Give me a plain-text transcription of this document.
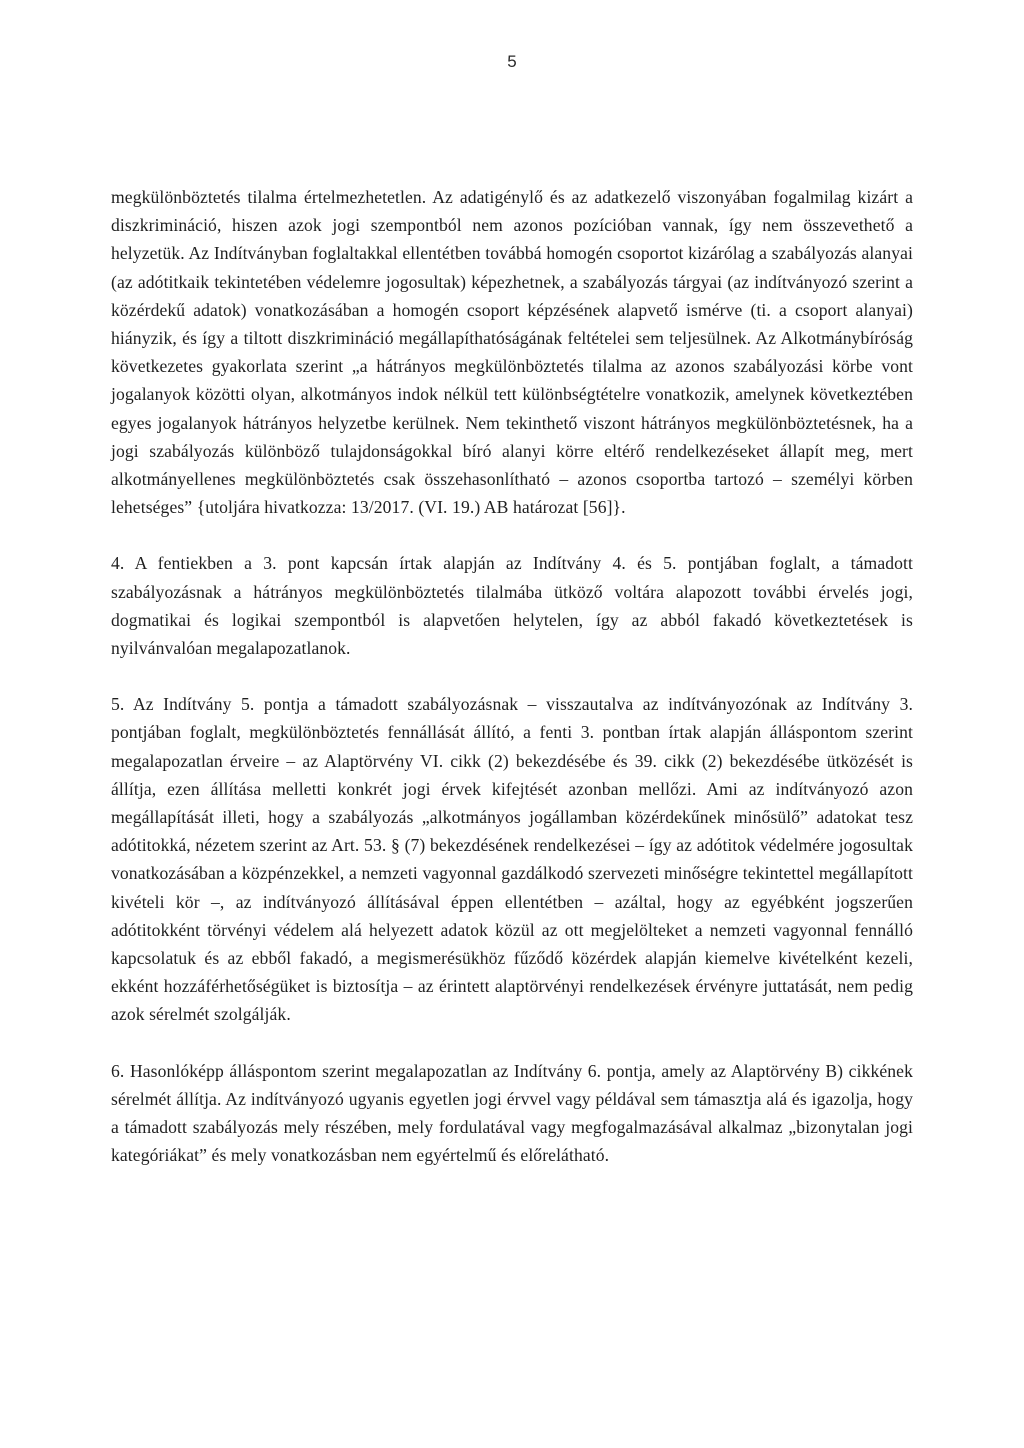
5

megkülönböztetés tilalma értelmezhetetlen. Az adatigénylő és az adatkezelő viszonyában fogalmilag kizárt a diszkrimináció, hiszen azok jogi szempontból nem azonos pozícióban vannak, így nem összevethető a helyzetük. Az Indítványban foglaltakkal ellentétben továbbá homogén csoportot kizárólag a szabályozás alanyai (az adótitkaik tekintetében védelemre jogosultak) képezhetnek, a szabályozás tárgyai (az indítványozó szerint a közérdekű adatok) vonatkozásában a homogén csoport képzésének alapvető ismérve (ti. a csoport alanyai) hiányzik, és így a tiltott diszkrimináció megállapíthatóságának feltételei sem teljesülnek. Az Alkotmánybíróság következetes gyakorlata szerint „a hátrányos megkülönböztetés tilalma az azonos szabályozási körbe vont jogalanyok közötti olyan, alkotmányos indok nélkül tett különbségtételre vonatkozik, amelynek következtében egyes jogalanyok hátrányos helyzetbe kerülnek. Nem tekinthető viszont hátrányos megkülönböztetésnek, ha a jogi szabályozás különböző tulajdonságokkal bíró alanyi körre eltérő rendelkezéseket állapít meg, mert alkotmányellenes megkülönböztetés csak összehasonlítható – azonos csoportba tartozó – személyi körben lehetséges” {utoljára hivatkozza: 13/2017. (VI. 19.) AB határozat [56]}.

4. A fentiekben a 3. pont kapcsán írtak alapján az Indítvány 4. és 5. pontjában foglalt, a támadott szabályozásnak a hátrányos megkülönböztetés tilalmába ütköző voltára alapozott további érvelés jogi, dogmatikai és logikai szempontból is alapvetően helytelen, így az abból fakadó következtetések is nyilvánvalóan megalapozatlanok.

5. Az Indítvány 5. pontja a támadott szabályozásnak – visszautalva az indítványozónak az Indítvány 3. pontjában foglalt, megkülönböztetés fennállását állító, a fenti 3. pontban írtak alapján álláspontom szerint megalapozatlan érveire – az Alaptörvény VI. cikk (2) bekezdésébe és 39. cikk (2) bekezdésébe ütközését is állítja, ezen állítása melletti konkrét jogi érvek kifejtését azonban mellőzi. Ami az indítványozó azon megállapítását illeti, hogy a szabályozás „alkotmányos jogállamban közérdekűnek minősülő” adatokat tesz adótitokká, nézetem szerint az Art. 53. § (7) bekezdésének rendelkezései – így az adótitok védelmére jogosultak vonatkozásában a közpénzekkel, a nemzeti vagyonnal gazdálkodó szervezeti minőségre tekintettel megállapított kivételi kör –, az indítványozó állításával éppen ellentétben – azáltal, hogy az egyébként jogszerűen adótitokként törvényi védelem alá helyezett adatok közül az ott megjelölteket a nemzeti vagyonnal fennálló kapcsolatuk és az ebből fakadó, a megismerésükhöz fűződő közérdek alapján kiemelve kivételként kezeli, ekként hozzáférhetőségüket is biztosítja – az érintett alaptörvényi rendelkezések érvényre juttatását, nem pedig azok sérelmét szolgálják.

6. Hasonlóképp álláspontom szerint megalapozatlan az Indítvány 6. pontja, amely az Alaptörvény B) cikkének sérelmét állítja. Az indítványozó ugyanis egyetlen jogi érvvel vagy példával sem támasztja alá és igazolja, hogy a támadott szabályozás mely részében, mely fordulatával vagy megfogalmazásával alkalmaz „bizonytalan jogi kategóriákat” és mely vonatkozásban nem egyértelmű és előrelátható.
